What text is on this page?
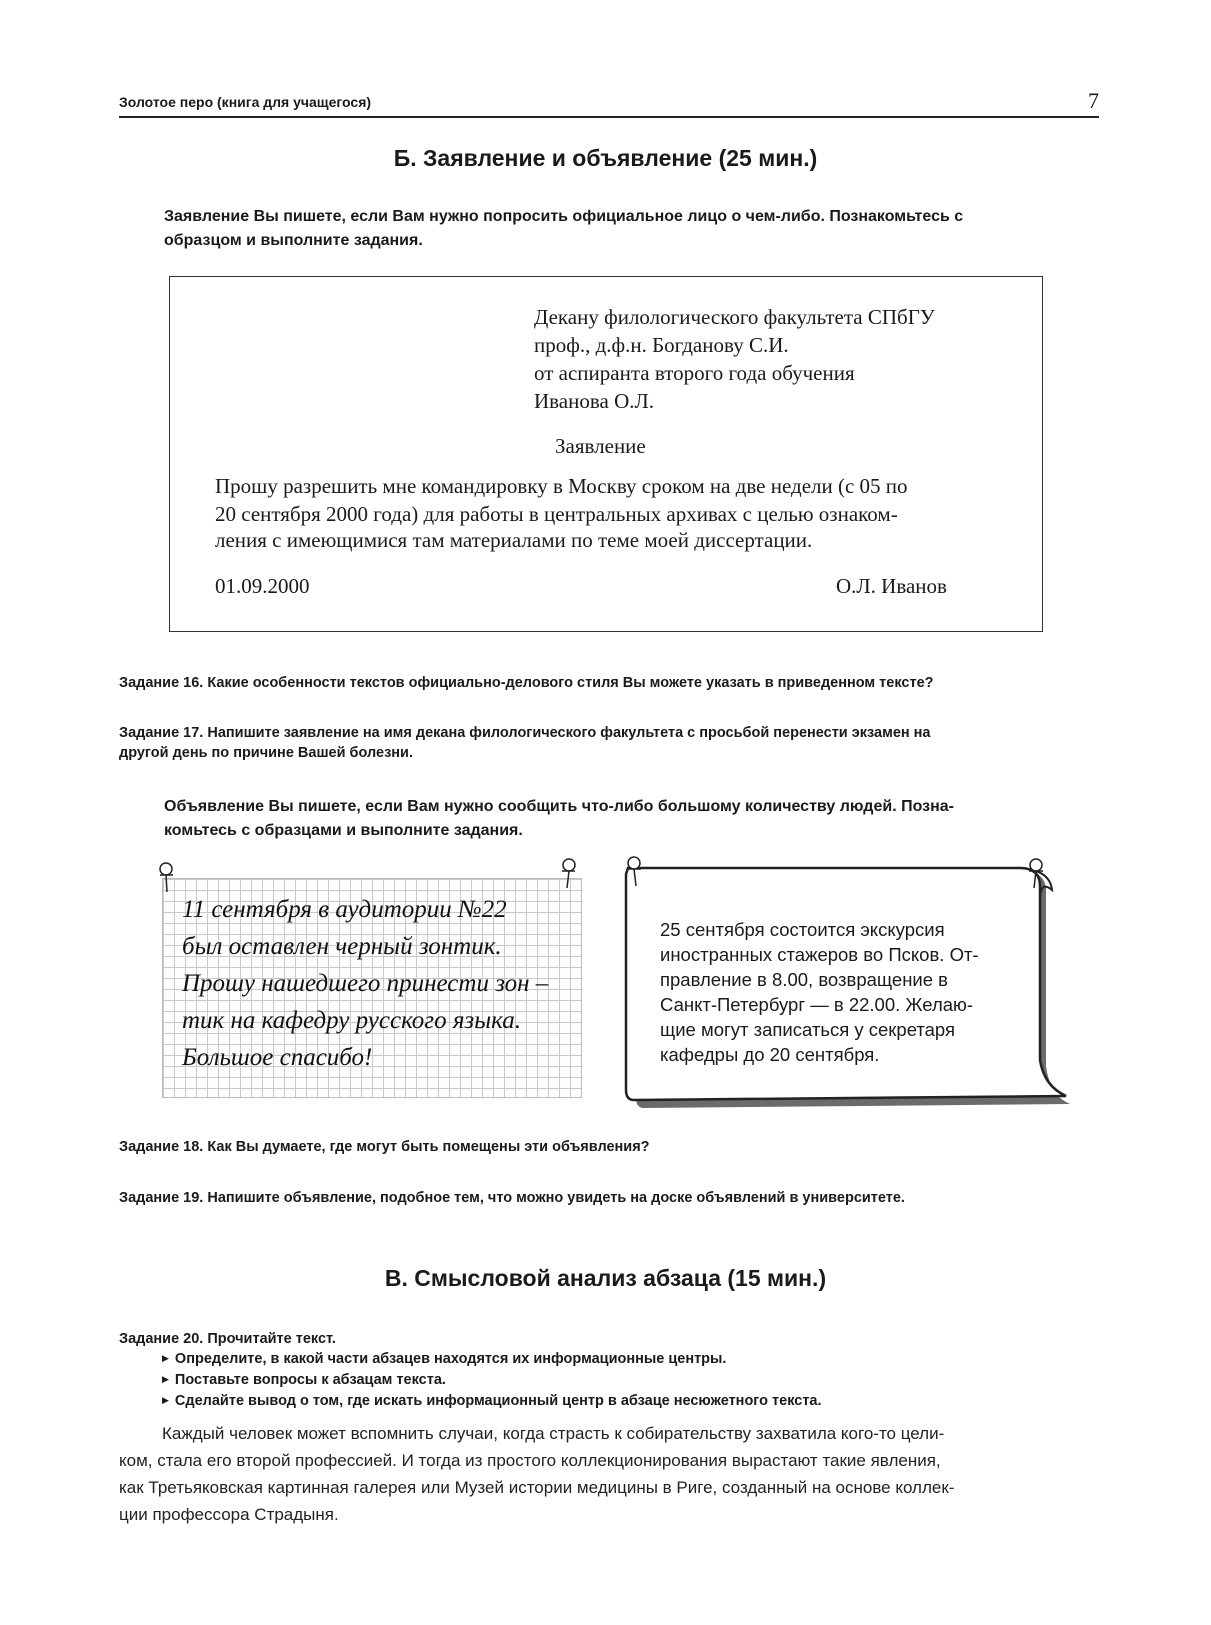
Золотое перо (книга для учащегося)	7
Б. Заявление и объявление (25 мин.)
Заявление Вы пишете, если Вам нужно попросить официальное лицо о чем-либо. Познакомьтесь с
образцом и выполните задания.
Декану филологического факультета СПбГУ
проф., д.ф.н. Богданову С.И.
от аспиранта второго года обучения
Иванова О.Л.
Заявление
Прошу разрешить мне командировку в Москву сроком на две недели (с 05 по
20 сентября 2000 года) для работы в центральных архивах с целью ознаком-
ления с имеющимися там материалами по теме моей диссертации.
01.09.2000	О.Л. Иванов
Задание 16. Какие особенности текстов официально-делового стиля Вы можете указать в приведенном тексте?
Задание 17. Напишите заявление на имя декана филологического факультета с просьбой перенести экзамен на
другой день по причине Вашей болезни.
Объявление Вы пишете, если Вам нужно сообщить что-либо большому количеству людей. Позна-
комьтесь с образцами и выполните задания.
11 сентября в аудитории №22
был оставлен черный зонтик.
Прошу нашедшего принести зон –
тик на кафедру русского языка.
Большое спасибо!
25 сентября состоится экскурсия
иностранных стажеров во Псков. От-
правление в 8.00, возвращение в
Санкт-Петербург — в 22.00. Желаю-
щие могут записаться у секретаря
кафедры до 20 сентября.
Задание 18. Как Вы думаете, где могут быть помещены эти объявления?
Задание 19. Напишите объявление, подобное тем, что можно увидеть на доске объявлений в университете.
В. Смысловой анализ абзаца (15 мин.)
Задание 20. Прочитайте текст.
▶ Определите, в какой части абзацев находятся их информационные центры.
▶ Поставьте вопросы к абзацам текста.
▶ Сделайте вывод о том, где искать информационный центр в абзаце несюжетного текста.
Каждый человек может вспомнить случаи, когда страсть к собирательству захватила кого-то цели-
ком, стала его второй профессией. И тогда из простого коллекционирования вырастают такие явления,
как Третьяковская картинная галерея или Музей истории медицины в Риге, созданный на основе коллек-
ции профессора Страдыня.
